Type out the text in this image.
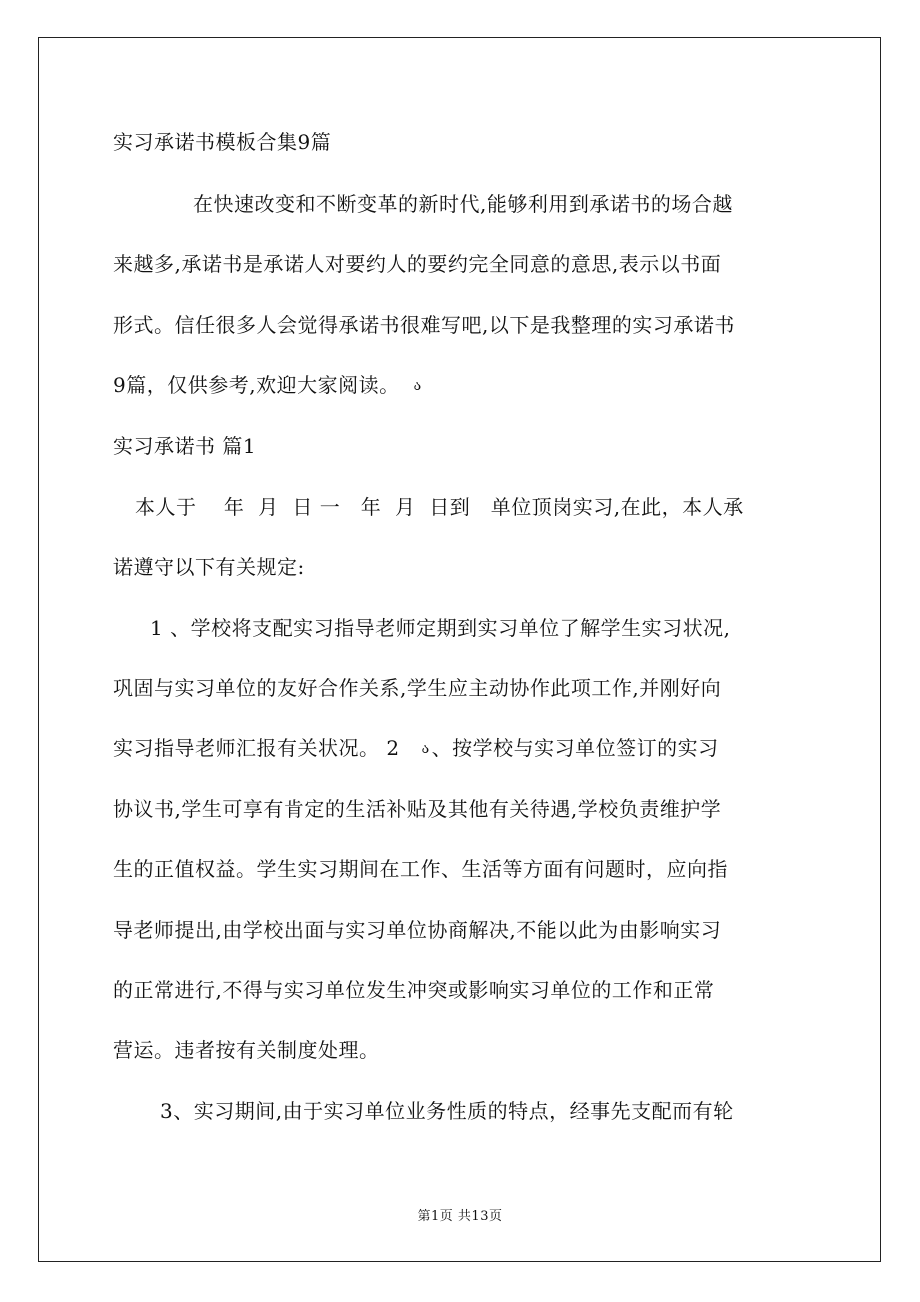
实习承诺书模板合集9篇
在快速改变和不断变革的新时代,能够利用到承诺书的场合越
来越多,承诺书是承诺人对要约人的要约完全同意的意思,表示以书面
形式。信任很多人会觉得承诺书很难写吧,以下是我整理的实习承诺书
9篇，仅供参考,欢迎大家阅读。 ა
实习承诺书 篇1
本人于    年  月  日 一   年  月  日到   单位顶岗实习,在此，本人承
诺遵守以下有关规定:
1 、学校将支配实习指导老师定期到实习单位了解学生实习状况,
巩固与实习单位的友好合作关系,学生应主动协作此项工作,并刚好向
实习指导老师汇报有关状况。 2 ა 、按学校与实习单位签订的实习
协议书,学生可享有肯定的生活补贴及其他有关待遇,学校负责维护学
生的正值权益。学生实习期间在工作、生活等方面有问题时，应向指
导老师提出,由学校出面与实习单位协商解决,不能以此为由影响实习
的正常进行,不得与实习单位发生冲突或影响实习单位的工作和正常
营运。违者按有关制度处理。
3、实习期间,由于实习单位业务性质的特点，经事先支配而有轮
第1页 共13页
